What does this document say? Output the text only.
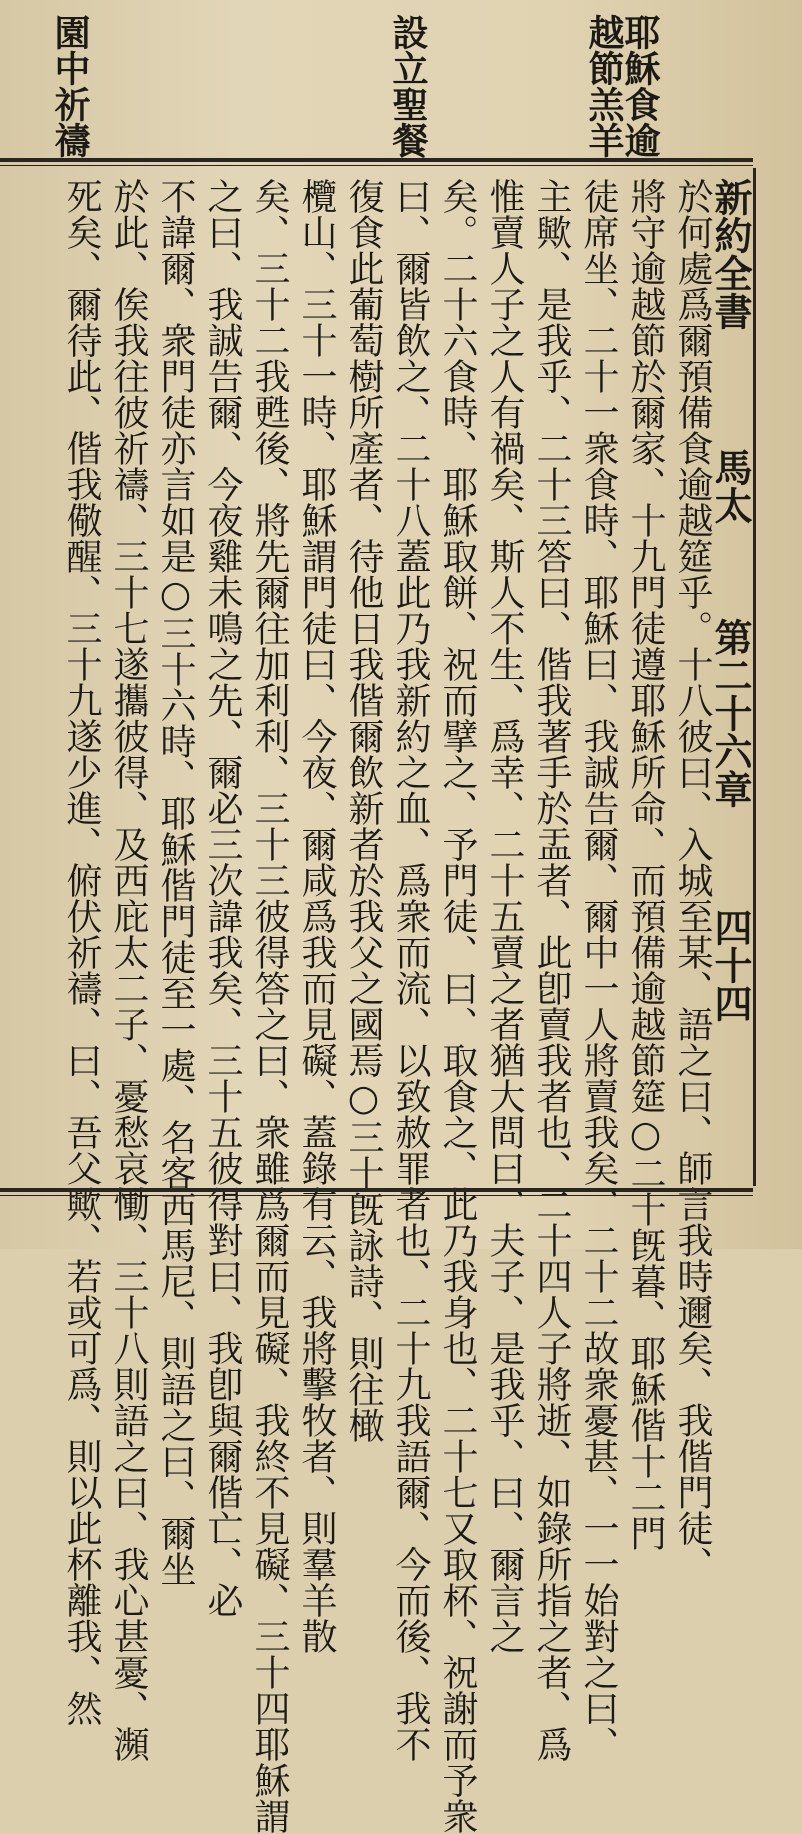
耶穌食逾
越節羔羊
設立聖餐
園中祈禱
新約全書
馬太
第二十六章
四十四
於何處爲爾預備食逾越筵乎。十八彼曰、入城至某、語之曰、師言我時邇矣、我偕門徒、
將守逾越節於爾家、十九門徒遵耶穌所命、而預備逾越節筵○二十旣暮、耶穌偕十二門
徒席坐、二十一衆食時、耶穌曰、我誠告爾、爾中一人將賣我矣、二十二故衆憂甚、一一始對之曰、
主歟、是我乎、二十三答曰、偕我著手於盂者、此卽賣我者也、二十四人子將逝、如錄所指之者、爲
惟賣人子之人有禍矣、斯人不生、爲幸、二十五賣之者猶大問曰、夫子、是我乎、曰、爾言之
矣。二十六食時、耶穌取餅、祝而擘之、予門徒、曰、取食之、此乃我身也、二十七又取杯、祝謝而予衆
曰、爾皆飲之、二十八蓋此乃我新約之血、爲衆而流、以致赦罪者也、二十九我語爾、今而後、我不
復食此葡萄樹所產者、待他日我偕爾飲新者於我父之國焉○三十旣詠詩、則往橄
欖山、三十一時、耶穌謂門徒曰、今夜、爾咸爲我而見礙、蓋錄有云、我將擊牧者、則羣羊散
矣、三十二我甦後、將先爾往加利利、三十三彼得答之曰、衆雖爲爾而見礙、我終不見礙、三十四耶穌謂
之曰、我誠告爾、今夜雞未鳴之先、爾必三次諱我矣、三十五彼得對曰、我卽與爾偕亡、必
不諱爾、衆門徒亦言如是○三十六時、耶穌偕門徒至一處、名客西馬尼、則語之曰、爾坐
於此、俟我往彼祈禱、三十七遂攜彼得、及西庇太二子、憂愁哀慟、三十八則語之曰、我心甚憂、瀕
死矣、爾待此、偕我儆醒、三十九遂少進、俯伏祈禱、曰、吾父歟、若或可爲、則以此杯離我、然
